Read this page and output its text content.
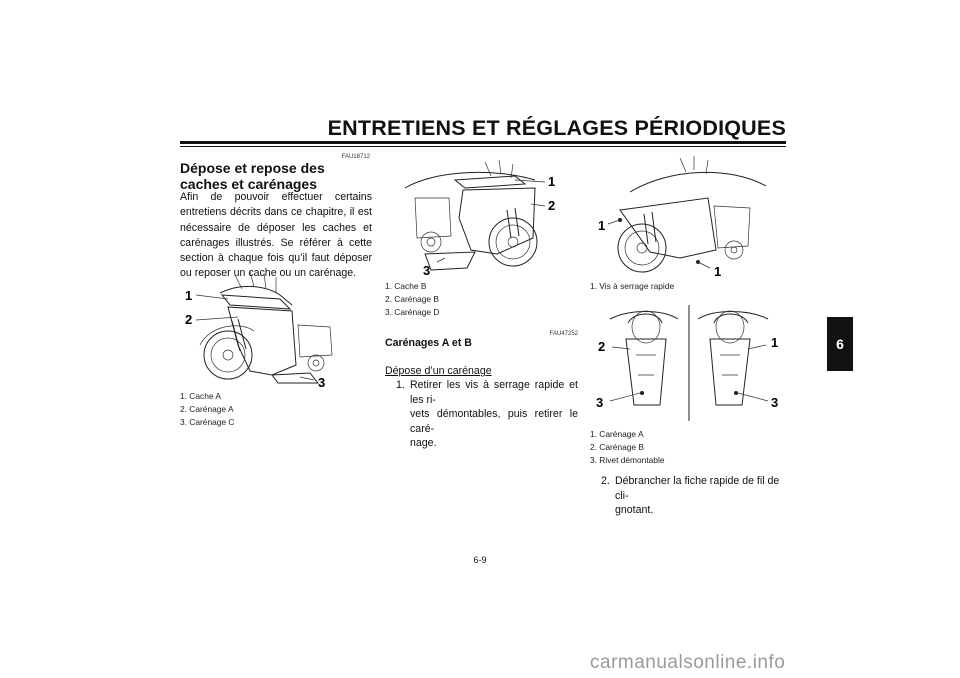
ENTRETIENS ET RÉGLAGES PÉRIODIQUES
6
FAU18712
Dépose et repose des caches et carénages
Afin de pouvoir effectuer certains entretiens décrits dans ce chapitre, il est nécessaire de déposer les caches et carénages illustrés. Se référer à cette section à chaque fois qu’il faut déposer ou reposer un cache ou un carénage.
1
2
3
1. Cache A
2. Carénage A
3. Carénage C
1
2
3
1. Cache B
2. Carénage B
3. Carénage D
FAU47252
Carénages A et B
Dépose d’un carénage
1. Retirer les vis à serrage rapide et les ri-
vets démontables, puis retirer le caré-
nage.
1
1
1. Vis à serrage rapide
2
3
1
3
1. Carénage A
2. Carénage B
3. Rivet démontable
2. Débrancher la fiche rapide de fil de cli-
gnotant.
6-9
carmanualsonline.info
